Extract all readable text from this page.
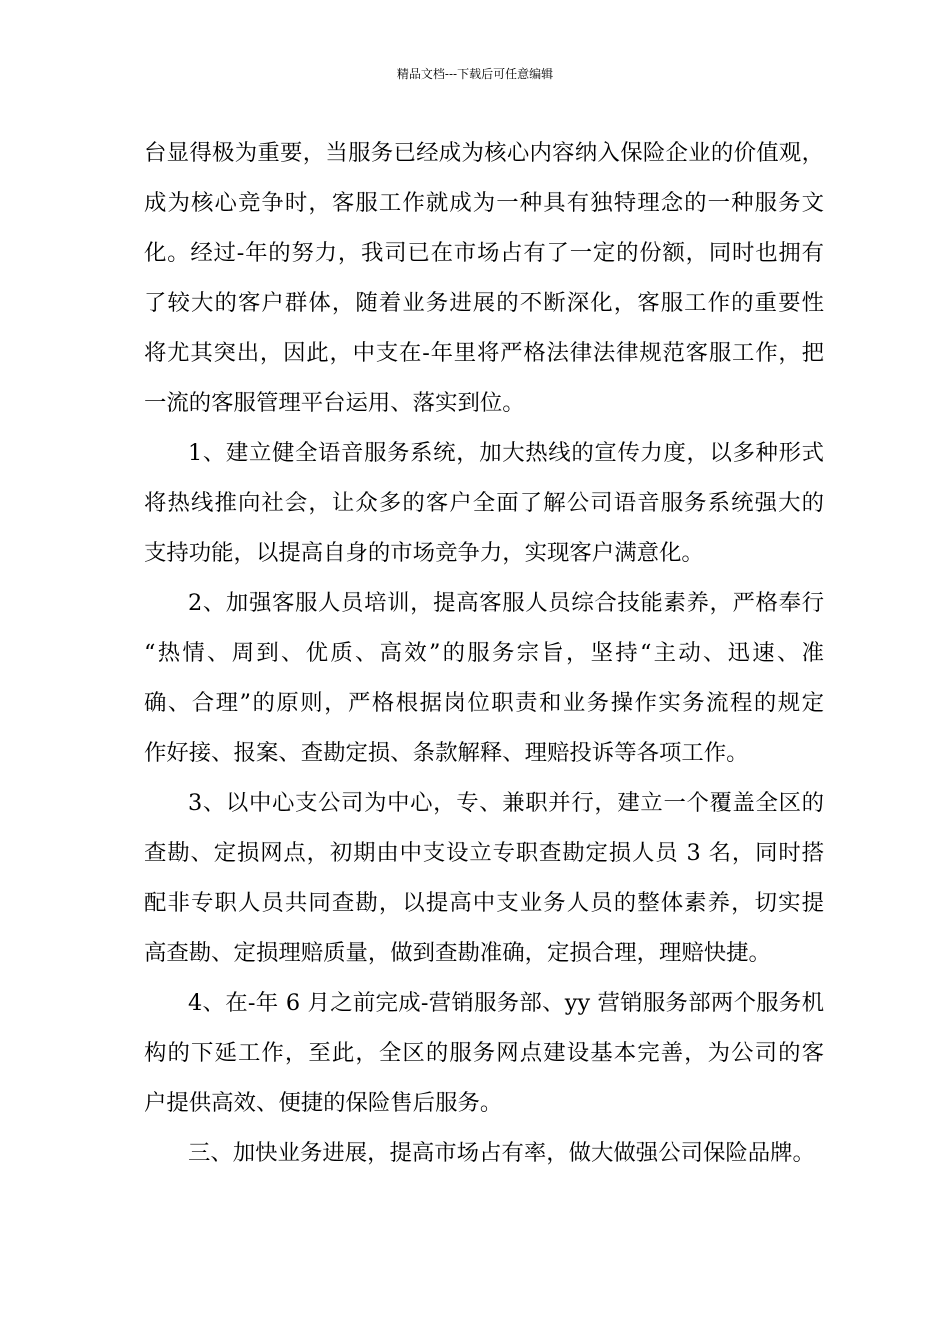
精品文档---下载后可任意编辑

台显得极为重要，当服务已经成为核心内容纳入保险企业的价值观，
成为核心竞争时，客服工作就成为一种具有独特理念的一种服务文
化。经过-年的努力，我司已在市场占有了一定的份额，同时也拥有
了较大的客户群体，随着业务进展的不断深化，客服工作的重要性
将尤其突出，因此，中支在-年里将严格法律法律规范客服工作，把
一流的客服管理平台运用、落实到位。

1、建立健全语音服务系统，加大热线的宣传力度，以多种形式
将热线推向社会，让众多的客户全面了解公司语音服务系统强大的
支持功能，以提高自身的市场竞争力，实现客户满意化。

2、加强客服人员培训，提高客服人员综合技能素养，严格奉行
“热情、周到、优质、高效”的服务宗旨，坚持“主动、迅速、准
确、合理”的原则，严格根据岗位职责和业务操作实务流程的规定
作好接、报案、查勘定损、条款解释、理赔投诉等各项工作。

3、以中心支公司为中心，专、兼职并行，建立一个覆盖全区的
查勘、定损网点，初期由中支设立专职查勘定损人员 3 名，同时搭
配非专职人员共同查勘，以提高中支业务人员的整体素养，切实提
高查勘、定损理赔质量，做到查勘准确，定损合理，理赔快捷。

4、在-年 6 月之前完成-营销服务部、yy 营销服务部两个服务机
构的下延工作，至此，全区的服务网点建设基本完善，为公司的客
户提供高效、便捷的保险售后服务。

三、加快业务进展，提高市场占有率，做大做强公司保险品牌。
